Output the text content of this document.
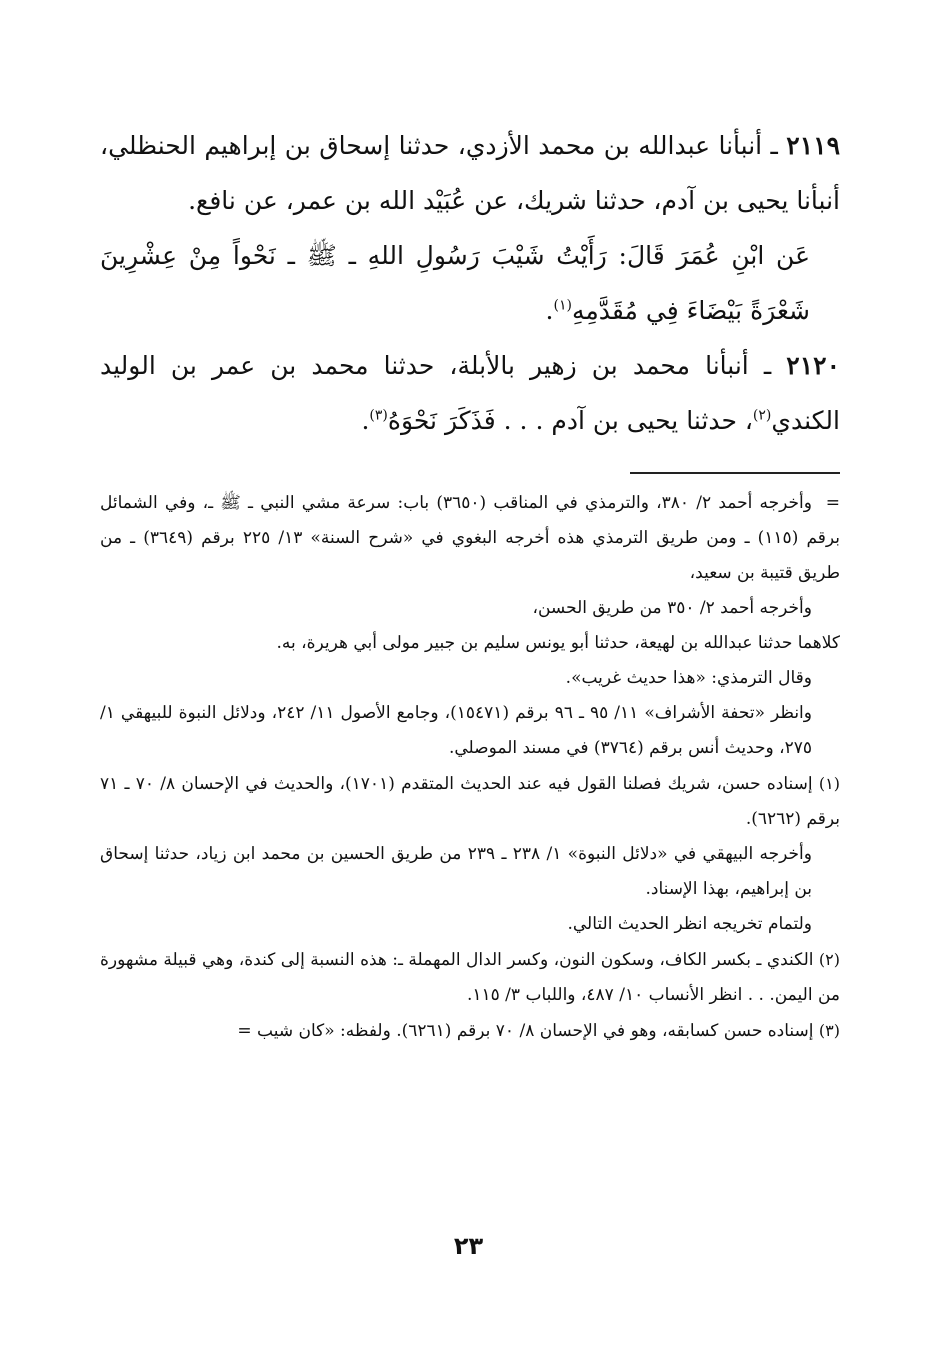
٢١١٩ ـ أنبأنا عبدالله بن محمد الأزدي، حدثنا إسحاق بن إبراهيم الحنظلي، أنبأنا يحيى بن آدم، حدثنا شريك، عن عُبَيْد الله بن عمر، عن نافع.

عَن ابْنِ عُمَرَ قَالَ: رَأَيْتُ شَيْبَ رَسُولِ اللهِ ـ ﷺ ـ نَحْواً مِنْ عِشْرِينَ شَعْرَةً بَيْضَاءَ فِي مُقَدَّمِهِ$^{(١)}$.

٢١٢٠ ـ أنبأنا محمد بن زهير بالأبلة، حدثنا محمد بن عمر بن الوليد الكندي$^{(٢)}$، حدثنا يحيى بن آدم . . . فَذَكَرَ نَحْوَهُ$^{(٣)}$.

=وأخرجه أحمد ٢/ ٣٨٠، والترمذي في المناقب (٣٦٥٠) باب: سرعة مشي النبي ـ ﷺ ـ، وفي الشمائل برقم (١١٥) ـ ومن طريق الترمذي هذه أخرجه البغوي في «شرح السنة» ١٣/ ٢٢٥ برقم (٣٦٤٩) ـ من طريق قتيبة بن سعيد،

وأخرجه أحمد ٢/ ٣٥٠ من طريق الحسن،

كلاهما حدثنا عبدالله بن لهيعة، حدثنا أبو يونس سليم بن جبير مولى أبي هريرة، به.

وقال الترمذي: «هذا حديث غريب».

وانظر «تحفة الأشراف» ١١/ ٩٥ ـ ٩٦ برقم (١٥٤٧١)، وجامع الأصول ١١/ ٢٤٢، ودلائل النبوة للبيهقي ١/ ٢٧٥، وحديث أنس برقم (٣٧٦٤) في مسند الموصلي.

(١) إسناده حسن، شريك فصلنا القول فيه عند الحديث المتقدم (١٧٠١)، والحديث في الإحسان ٨/ ٧٠ ـ ٧١ برقم (٦٢٦٢).

وأخرجه البيهقي في «دلائل النبوة» ١/ ٢٣٨ ـ ٢٣٩ من طريق الحسين بن محمد ابن زياد، حدثنا إسحاق بن إبراهيم، بهذا الإسناد.

ولتمام تخريجه انظر الحديث التالي.

(٢) الكندي ـ بكسر الكاف، وسكون النون، وكسر الدال المهملة ـ: هذه النسبة إلى كندة، وهي قبيلة مشهورة من اليمن. . . انظر الأنساب ١٠/ ٤٨٧، واللباب ٣/ ١١٥.

(٣) إسناده حسن كسابقه، وهو في الإحسان ٨/ ٧٠ برقم (٦٢٦١). ولفظه: «كان شيب =

٢٣
